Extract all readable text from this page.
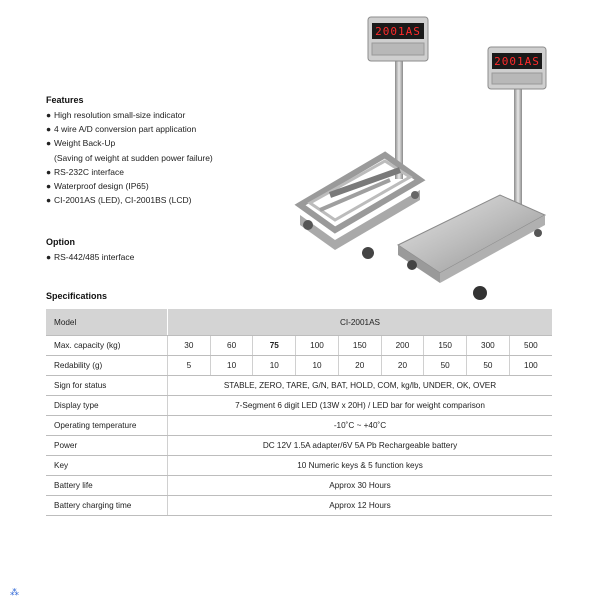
2001AS
2001AS
Features
● High resolution small-size indicator
● 4 wire A/D conversion part application
● Weight Back-Up
(Saving of weight at sudden power failure)
● RS-232C interface
● Waterproof design (IP65)
● CI-2001AS (LED), CI-2001BS (LCD)
Option
● RS-442/485 interface
Specifications
Model	CI-2001AS								
Max. capacity (kg)	30	60	75	100	150	200	150	300	500
Redability (g)	5	10	10	10	20	20	50	50	100
Sign for status	STABLE, ZERO, TARE, G/N, BAT, HOLD, COM, kg/lb, UNDER, OK, OVER								
Display type	7-Segment 6 digit LED (13W x 20H) / LED bar for weight comparison								
Operating temperature	-10˚C ~ +40˚C								
Power	DC 12V 1.5A adapter/6V 5A Pb Rechargeable battery								
Key	10 Numeric keys & 5 function keys								
Battery life	Approx 30 Hours								
Battery charging time	Approx 12 Hours								
⁂
